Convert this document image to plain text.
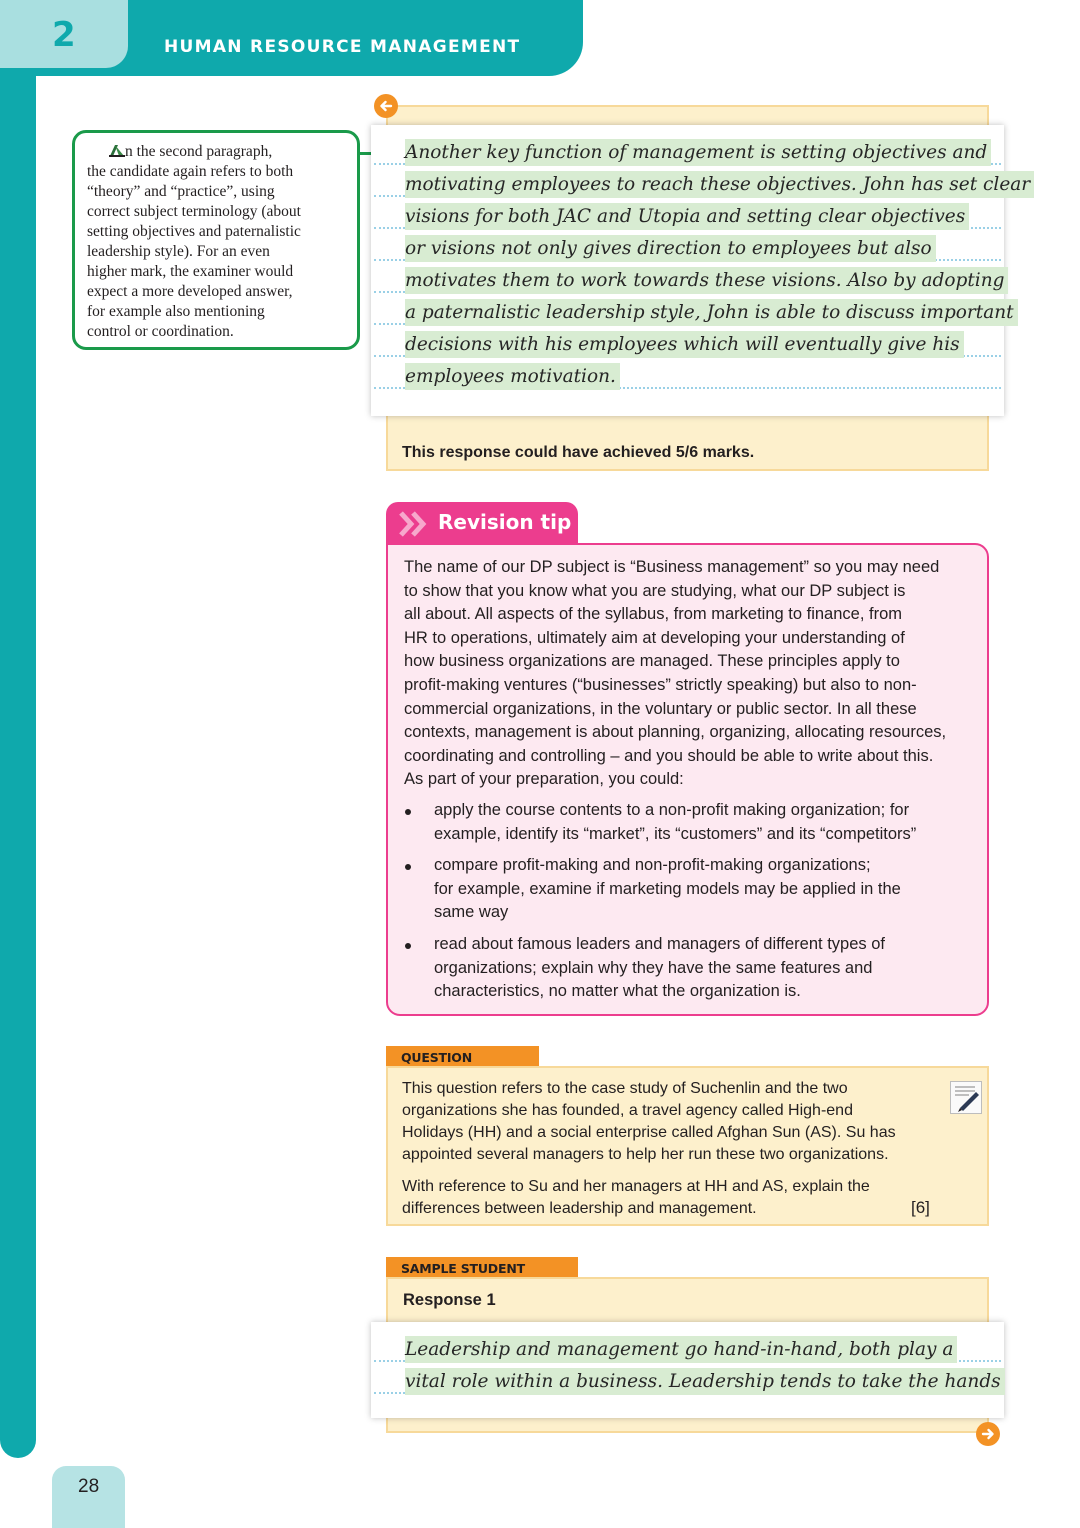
2	HUMAN RESOURCE MANAGEMENT
n the second paragraph,
the candidate again refers to both
“theory” and “practice”, using
correct subject terminology (about
setting objectives and paternalistic
leadership style). For an even
higher mark, the examiner would
expect a more developed answer,
for example also mentioning
control or coordination.
Another key function of management is setting objectives and
motivating employees to reach these objectives. John has set clear
visions for both JAC and Utopia and setting clear objectives
or visions not only gives direction to employees but also
motivates them to work towards these visions. Also by adopting
a paternalistic leadership style, John is able to discuss important
decisions with his employees which will eventually give his
employees motivation.
This response could have achieved 5/6 marks.
Revision tip
The name of our DP subject is “Business management” so you may need
to show that you know what you are studying, what our DP subject is
all about. All aspects of the syllabus, from marketing to finance, from
HR to operations, ultimately aim at developing your understanding of
how business organizations are managed. These principles apply to
profit-making ventures (“businesses” strictly speaking) but also to non-
commercial organizations, in the voluntary or public sector. In all these
contexts, management is about planning, organizing, allocating resources,
coordinating and controlling – and you should be able to write about this.
As part of your preparation, you could:
apply the course contents to a non-profit making organization; for
example, identify its “market”, its “customers” and its “competitors”
compare profit-making and non-profit-making organizations;
for example, examine if marketing models may be applied in the
same way
read about famous leaders and managers of different types of
organizations; explain why they have the same features and
characteristics, no matter what the organization is.
QUESTION
This question refers to the case study of Suchenlin and the two
organizations she has founded, a travel agency called High-end
Holidays (HH) and a social enterprise called Afghan Sun (AS). Su has
appointed several managers to help her run these two organizations.
With reference to Su and her managers at HH and AS, explain the
differences between leadership and management.	[6]
SAMPLE STUDENT
Response 1
Leadership and management go hand-in-hand, both play a
vital role within a business. Leadership tends to take the hands
28
